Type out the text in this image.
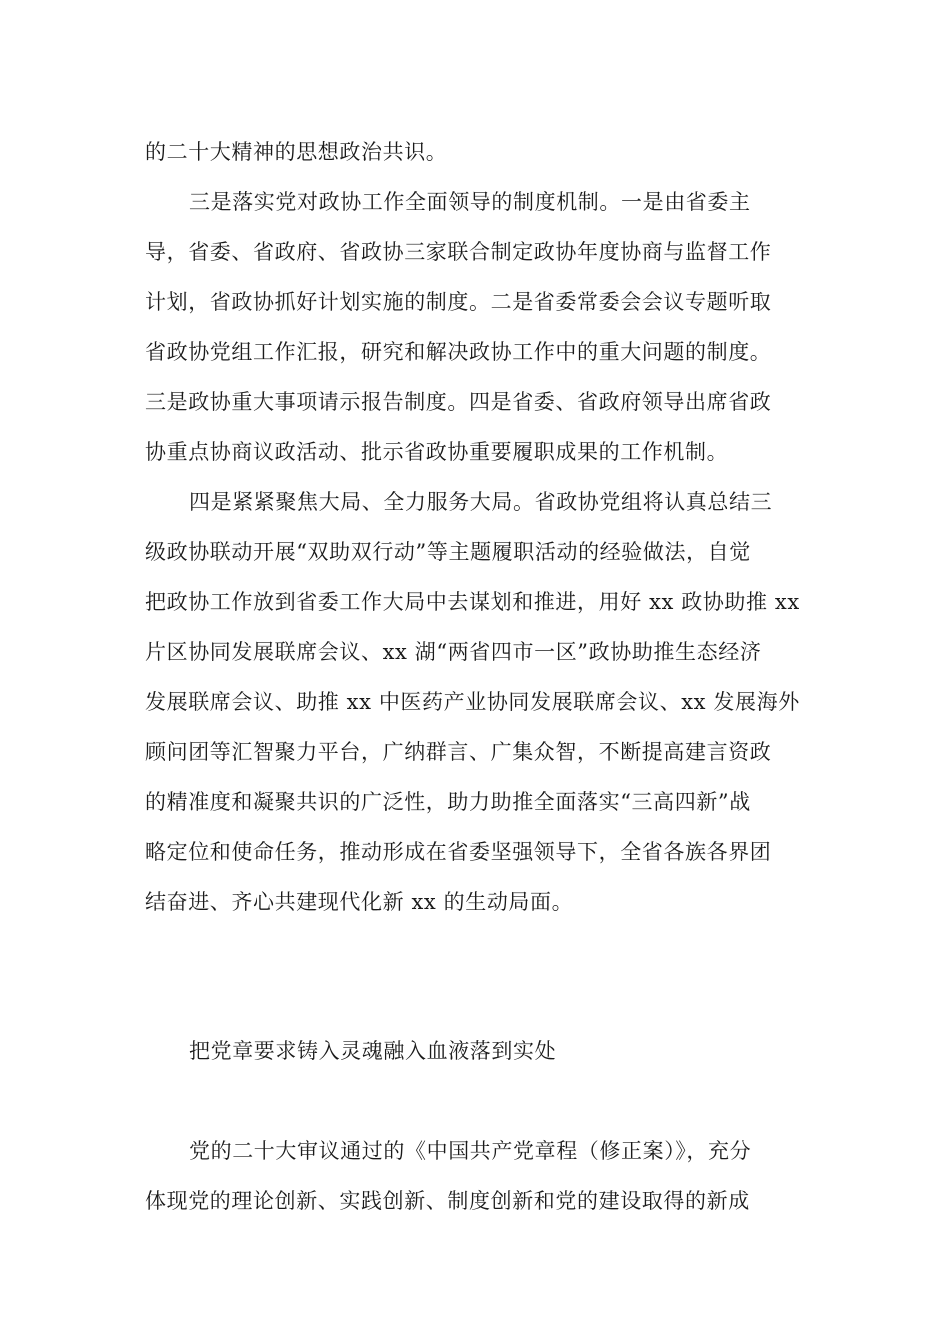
的二十大精神的思想政治共识。
三是落实党对政协工作全面领导的制度机制。一是由省委主
导，省委、省政府、省政协三家联合制定政协年度协商与监督工作
计划，省政协抓好计划实施的制度。二是省委常委会会议专题听取
省政协党组工作汇报，研究和解决政协工作中的重大问题的制度。
三是政协重大事项请示报告制度。四是省委、省政府领导出席省政
协重点协商议政活动、批示省政协重要履职成果的工作机制。
四是紧紧聚焦大局、全力服务大局。省政协党组将认真总结三
级政协联动开展“双助双行动”等主题履职活动的经验做法，自觉
把政协工作放到省委工作大局中去谋划和推进，用好 xx 政协助推 xx
片区协同发展联席会议、xx 湖“两省四市一区”政协助推生态经济
发展联席会议、助推 xx 中医药产业协同发展联席会议、xx 发展海外
顾问团等汇智聚力平台，广纳群言、广集众智，不断提高建言资政
的精准度和凝聚共识的广泛性，助力助推全面落实“三高四新”战
略定位和使命任务，推动形成在省委坚强领导下，全省各族各界团
结奋进、齐心共建现代化新 xx 的生动局面。
把党章要求铸入灵魂融入血液落到实处
党的二十大审议通过的《中国共产党章程（修正案）》，充分
体现党的理论创新、实践创新、制度创新和党的建设取得的新成
